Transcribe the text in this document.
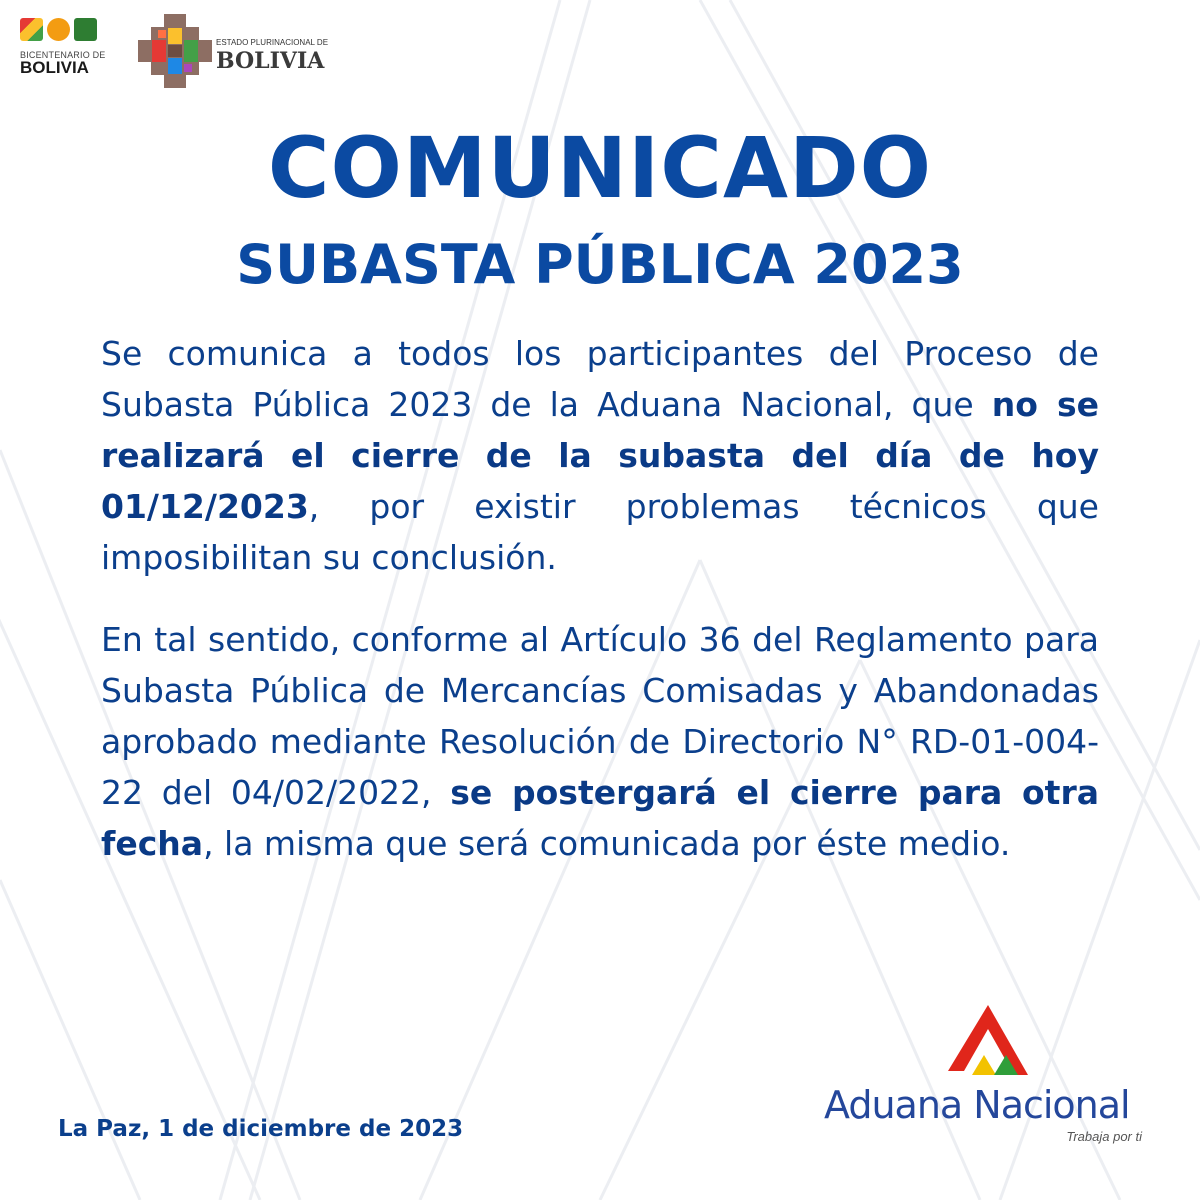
BICENTENARIO DE
BOLIVIA
ESTADO PLURINACIONAL DE
BOLIVIA
COMUNICADO
SUBASTA PÚBLICA 2023
Se comunica a todos los participantes del Proceso de Subasta Pública 2023 de la Aduana Nacional, que no se realizará el cierre de la subasta del día de hoy 01/12/2023, por existir problemas técnicos que imposibilitan su conclusión.
En tal sentido, conforme al Artículo 36 del Reglamento para Subasta Pública de Mercancías Comisadas y Abandonadas aprobado mediante Resolución de Directorio N° RD-01-004-22 del 04/02/2022, se postergará el cierre para otra fecha, la misma que será comunicada por éste medio.
La Paz, 1 de diciembre de 2023
Aduana Nacional
Trabaja por ti
